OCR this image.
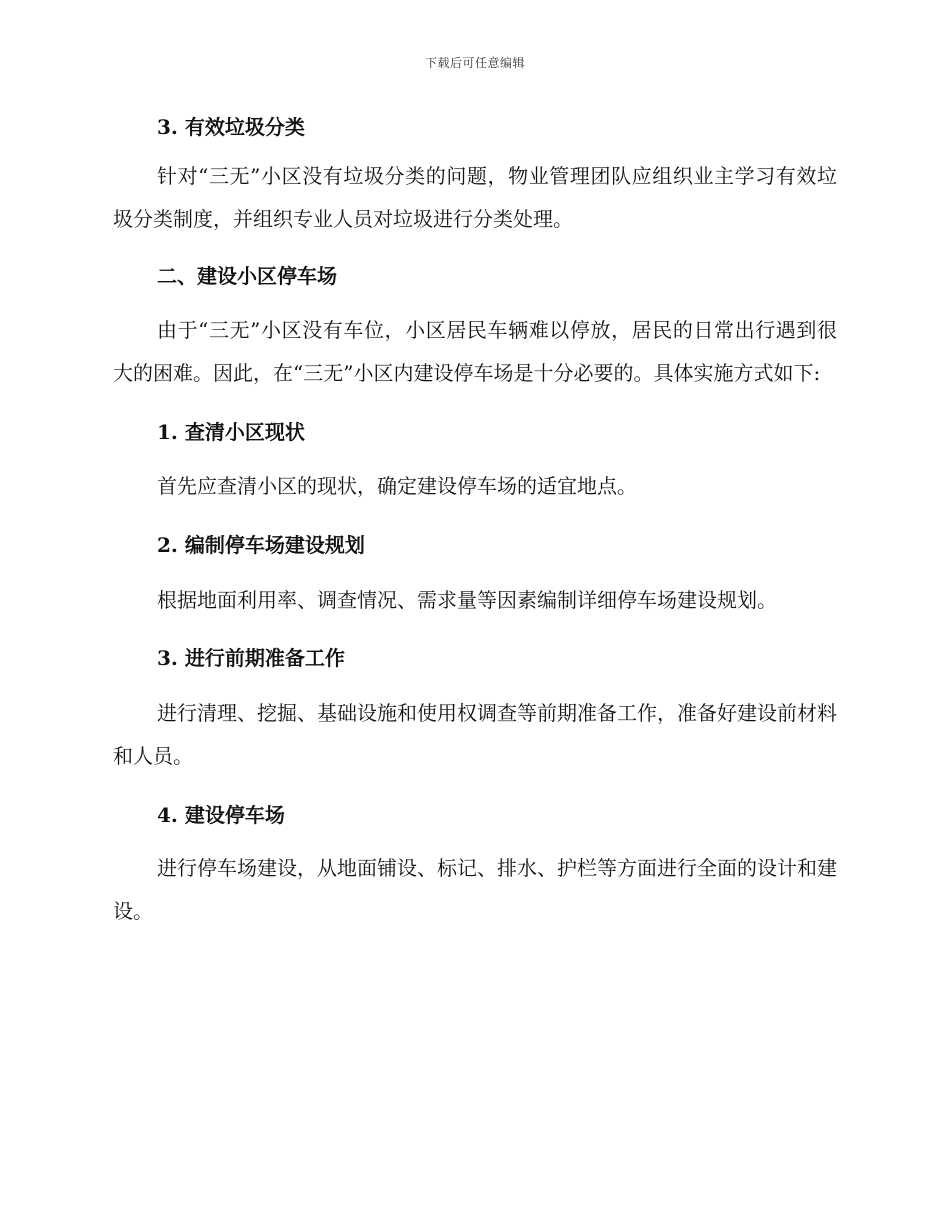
下载后可任意编辑
3. 有效垃圾分类

针对“三无”小区没有垃圾分类的问题，物业管理团队应组织业主学习有效垃圾分类制度，并组织专业人员对垃圾进行分类处理。

二、建设小区停车场

由于“三无”小区没有车位，小区居民车辆难以停放，居民的日常出行遇到很大的困难。因此，在“三无”小区内建设停车场是十分必要的。具体实施方式如下:

1. 查清小区现状

首先应查清小区的现状，确定建设停车场的适宜地点。

2. 编制停车场建设规划

根据地面利用率、调查情况、需求量等因素编制详细停车场建设规划。

3. 进行前期准备工作

进行清理、挖掘、基础设施和使用权调查等前期准备工作，准备好建设前材料和人员。

4. 建设停车场

进行停车场建设，从地面铺设、标记、排水、护栏等方面进行全面的设计和建设。
